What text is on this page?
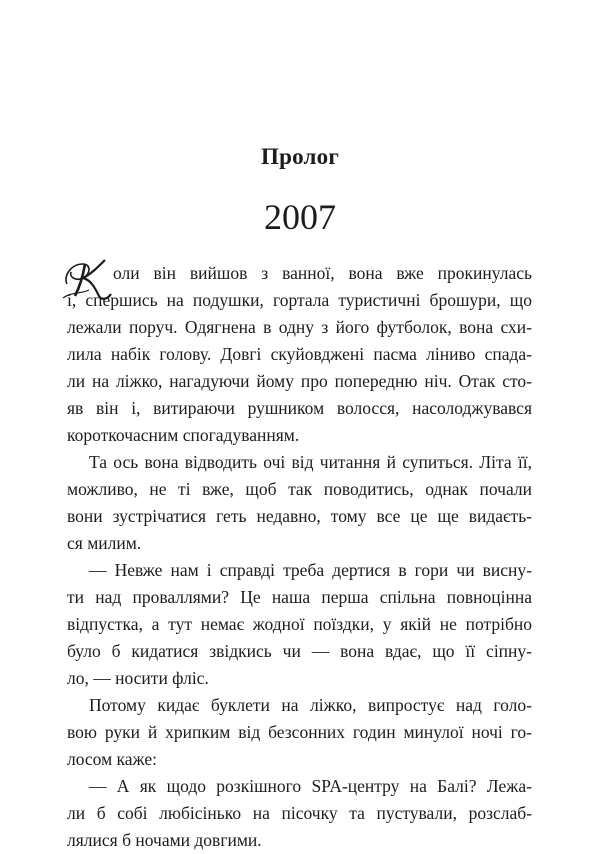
Пролог
2007
оли він вийшов з ванної, вона вже прокинулась
і, спершись на подушки, гортала туристичні брошури, що
лежали поруч. Одягнена в одну з його футболок, вона схи-
лила набік голову. Довгі скуйовджені пасма ліниво спада-
ли на ліжко, нагадуючи йому про попередню ніч. Отак сто-
яв він і, витираючи рушником волосся, насолоджувався
короткочасним спогадуванням.
Та ось вона відводить очі від читання й супиться. Літа її,
можливо, не ті вже, щоб так поводитись, однак почали
вони зустрічатися геть недавно, тому все це ще видаєть-
ся милим.
— Невже нам і справді треба дертися в гори чи висну-
ти над проваллями? Це наша перша спільна повноцінна
відпустка, а тут немає жодної поїздки, у якій не потрібно
було б кидатися звідкись чи — вона вдає, що її сіпну-
ло, — носити фліс.
Потому кидає буклети на ліжко, випростує над голо-
вою руки й хрипким від безсонних годин минулої ночі го-
лосом каже:
— А як щодо розкішного SPA-центру на Балі? Лежа-
ли б собі любісінько на пісочку та пустували, розслаб-
лялися б ночами довгими.
